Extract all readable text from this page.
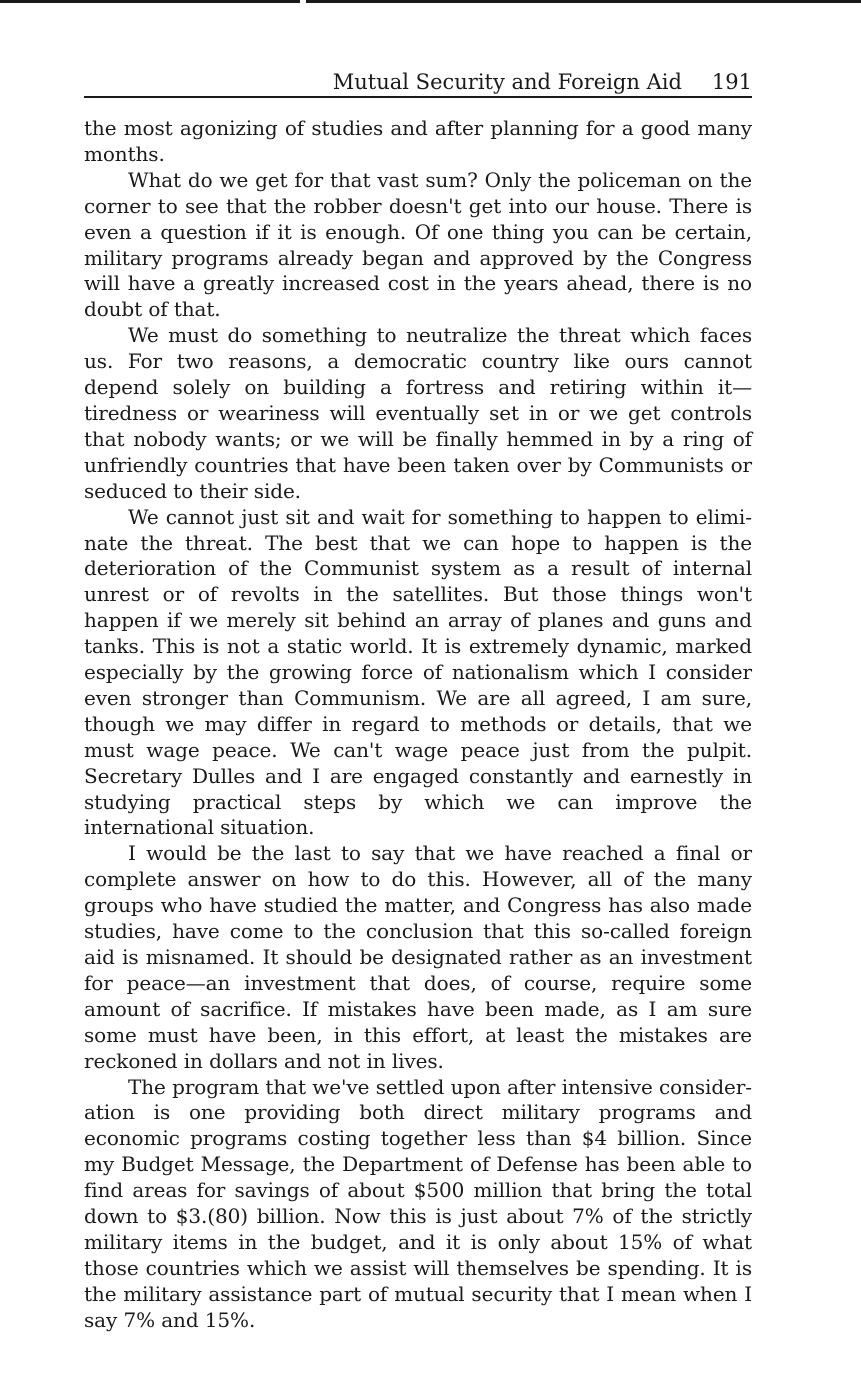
Mutual Security and Foreign Aid 191

the most agonizing of studies and after planning for a good many months.

What do we get for that vast sum? Only the policeman on the corner to see that the robber doesn't get into our house. There is even a question if it is enough. Of one thing you can be certain, military programs already began and approved by the Congress will have a greatly increased cost in the years ahead, there is no doubt of that.

We must do something to neutralize the threat which faces us. For two reasons, a democratic country like ours cannot depend solely on building a fortress and retiring within it—tiredness or weariness will eventually set in or we get controls that nobody wants; or we will be finally hemmed in by a ring of unfriendly countries that have been taken over by Communists or seduced to their side.

We cannot just sit and wait for something to happen to eliminate the threat. The best that we can hope to happen is the deterioration of the Communist system as a result of internal unrest or of revolts in the satellites. But those things won't happen if we merely sit behind an array of planes and guns and tanks. This is not a static world. It is extremely dynamic, marked especially by the growing force of nationalism which I consider even stronger than Communism. We are all agreed, I am sure, though we may differ in regard to methods or details, that we must wage peace. We can't wage peace just from the pulpit. Secretary Dulles and I are engaged constantly and earnestly in studying practical steps by which we can improve the international situation.

I would be the last to say that we have reached a final or complete answer on how to do this. However, all of the many groups who have studied the matter, and Congress has also made studies, have come to the conclusion that this so-called foreign aid is misnamed. It should be designated rather as an investment for peace—an investment that does, of course, require some amount of sacrifice. If mistakes have been made, as I am sure some must have been, in this effort, at least the mistakes are reckoned in dollars and not in lives.

The program that we've settled upon after intensive consideration is one providing both direct military programs and economic programs costing together less than $4 billion. Since my Budget Message, the Department of Defense has been able to find areas for savings of about $500 million that bring the total down to $3.(80) billion. Now this is just about 7% of the strictly military items in the budget, and it is only about 15% of what those countries which we assist will themselves be spending. It is the military assistance part of mutual security that I mean when I say 7% and 15%.
